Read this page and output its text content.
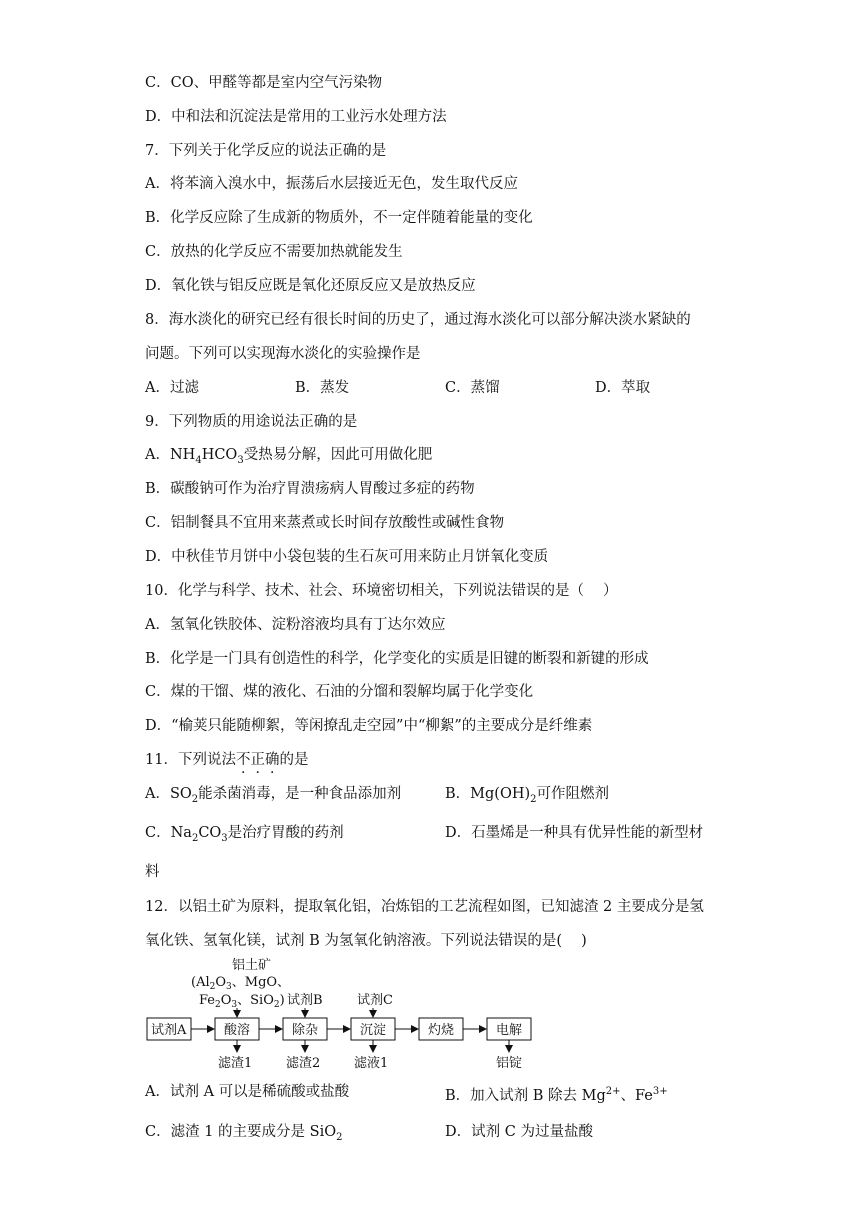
C．CO、甲醛等都是室内空气污染物
D．中和法和沉淀法是常用的工业污水处理方法
7．下列关于化学反应的说法正确的是
A．将苯滴入溴水中，振荡后水层接近无色，发生取代反应
B．化学反应除了生成新的物质外，不一定伴随着能量的变化
C．放热的化学反应不需要加热就能发生
D．氧化铁与铝反应既是氧化还原反应又是放热反应
8．海水淡化的研究已经有很长时间的历史了，通过海水淡化可以部分解决淡水紧缺的
问题。下列可以实现海水淡化的实验操作是
A．过滤	B．蒸发	C．蒸馏	D．萃取
9．下列物质的用途说法正确的是
A．$NH_4HCO_3$受热易分解，因此可用做化肥
B．碳酸钠可作为治疗胃溃疡病人胃酸过多症的药物
C．铝制餐具不宜用来蒸煮或长时间存放酸性或碱性食物
D．中秋佳节月饼中小袋包装的生石灰可用来防止月饼氧化变质
10．化学与科学、技术、社会、环境密切相关，下列说法错误的是（　 ）
A．氢氧化铁胶体、淀粉溶液均具有丁达尔效应
B．化学是一门具有创造性的科学，化学变化的实质是旧键的断裂和新键的形成
C．煤的干馏、煤的液化、石油的分馏和裂解均属于化学变化
D．“榆荚只能随柳絮，等闲撩乱走空园”中“柳絮”的主要成分是纤维素
11．下列说法不正确的是
A．$SO_2$能杀菌消毒，是一种食品添加剂	B．$Mg(OH)_2$可作阻燃剂
C．$Na_2CO_3$是治疗胃酸的药剂	D．石墨烯是一种具有优异性能的新型材
料
12．以铝土矿为原料，提取氧化铝，冶炼铝的工艺流程如图，已知滤渣 2 主要成分是氢
氧化铁、氢氧化镁，试剂 B 为氢氧化钠溶液。下列说法错误的是(　 )
铝土矿
($Al_2O_3$、MgO、
$Fe_2O_3$、SiO$_2$) 试剂B	试剂C
试剂A	酸溶	除杂	沉淀	灼烧	电解
滤渣1	滤渣2	滤液1	铝锭
A．试剂 A 可以是稀硫酸或盐酸	B．加入试剂 B 除去 $Mg^{2+}$、$Fe^{3+}$
C．滤渣 1 的主要成分是 SiO$_2$	D．试剂 C 为过量盐酸
